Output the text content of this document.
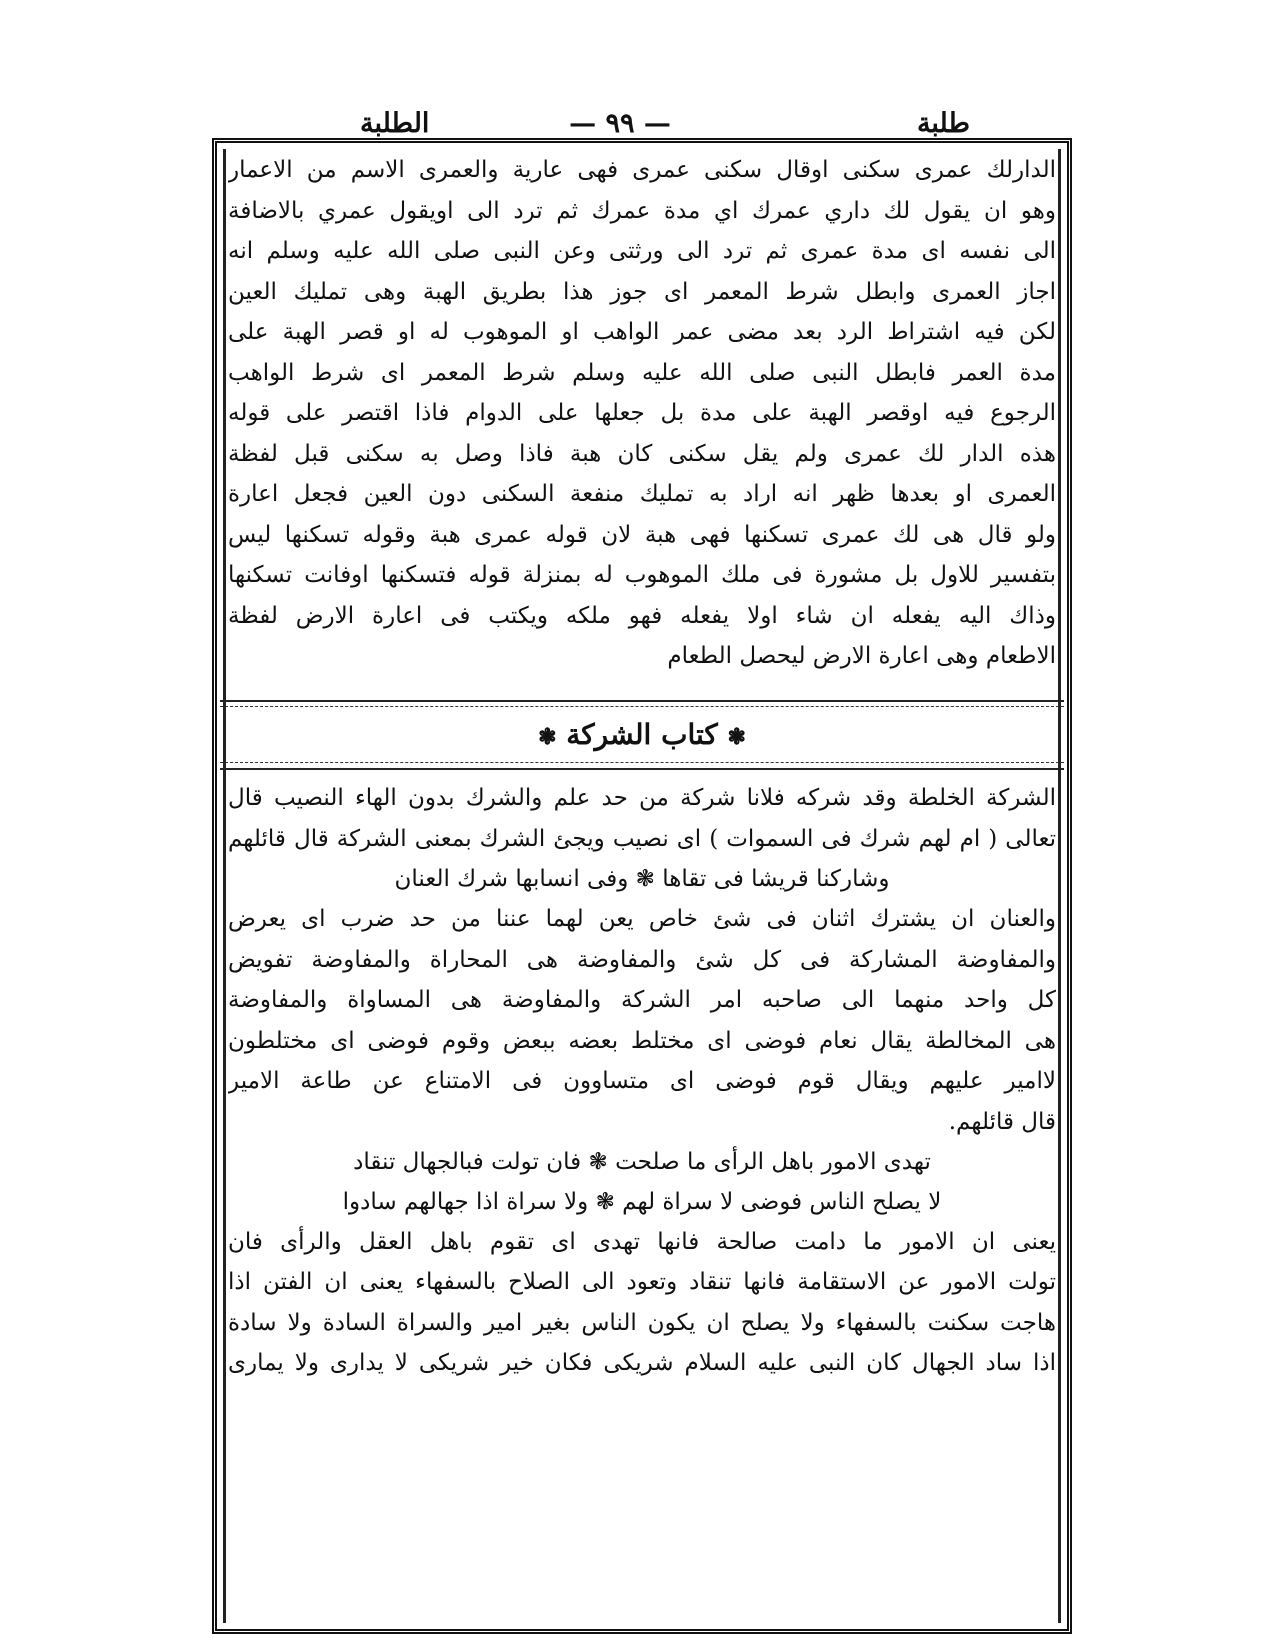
طلبة
— ٩٩ —
الطلبة
الدارلك عمرى سكنى اوقال سكنى عمرى فهى عارية والعمرى الاسم من الاعمار
وهو ان يقول لك داري عمرك اي مدة عمرك ثم ترد الى اويقول عمري بالاضافة
الى نفسه اى مدة عمرى ثم ترد الى ورثتى وعن النبى صلى الله عليه وسلم انه
اجاز العمرى وابطل شرط المعمر اى جوز هذا بطريق الهبة وهى تمليك العين
لكن فيه اشتراط الرد بعد مضى عمر الواهب او الموهوب له او قصر الهبة على
مدة العمر فابطل النبى صلى الله عليه وسلم شرط المعمر اى شرط الواهب
الرجوع فيه اوقصر الهبة على مدة بل جعلها على الدوام فاذا اقتصر على قوله
هذه الدار لك عمرى ولم يقل سكنى كان هبة فاذا وصل به سكنى قبل لفظة
العمرى او بعدها ظهر انه اراد به تمليك منفعة السكنى دون العين فجعل اعارة
ولو قال هى لك عمرى تسكنها فهى هبة لان قوله عمرى هبة وقوله تسكنها ليس
بتفسير للاول بل مشورة فى ملك الموهوب له بمنزلة قوله فتسكنها اوفانت تسكنها
وذاك اليه يفعله ان شاء اولا يفعله فهو ملكه ويكتب فى اعارة الارض لفظة
الاطعام وهى اعارة الارض ليحصل الطعام
❃ كتاب الشركة ❃
الشركة الخلطة وقد شركه فلانا شركة من حد علم والشرك بدون الهاء النصيب قال
تعالى ( ام لهم شرك فى السموات ) اى نصيب ويجئ الشرك بمعنى الشركة قال قائلهم
وشاركنا قريشا فى تقاها ❃ وفى انسابها شرك العنان
والعنان ان يشترك اثنان فى شئ خاص يعن لهما عننا من حد ضرب اى يعرض
والمفاوضة المشاركة فى كل شئ والمفاوضة هى المحاراة والمفاوضة تفويض
كل واحد منهما الى صاحبه امر الشركة والمفاوضة هى المساواة والمفاوضة
هى المخالطة يقال نعام فوضى اى مختلط بعضه ببعض وقوم فوضى اى مختلطون
لاامير عليهم ويقال قوم فوضى اى متساوون فى الامتناع عن طاعة الامير
قال قائلهم.
تهدى الامور باهل الرأى ما صلحت ❃ فان تولت فبالجهال تنقاد
لا يصلح الناس فوضى لا سراة لهم ❃ ولا سراة اذا جهالهم سادوا
يعنى ان الامور ما دامت صالحة فانها تهدى اى تقوم باهل العقل والرأى فان
تولت الامور عن الاستقامة فانها تنقاد وتعود الى الصلاح بالسفهاء يعنى ان الفتن اذا
هاجت سكنت بالسفهاء ولا يصلح ان يكون الناس بغير امير والسراة السادة ولا سادة
اذا ساد الجهال كان النبى عليه السلام شريكى فكان خير شريكى لا يدارى ولا يمارى
